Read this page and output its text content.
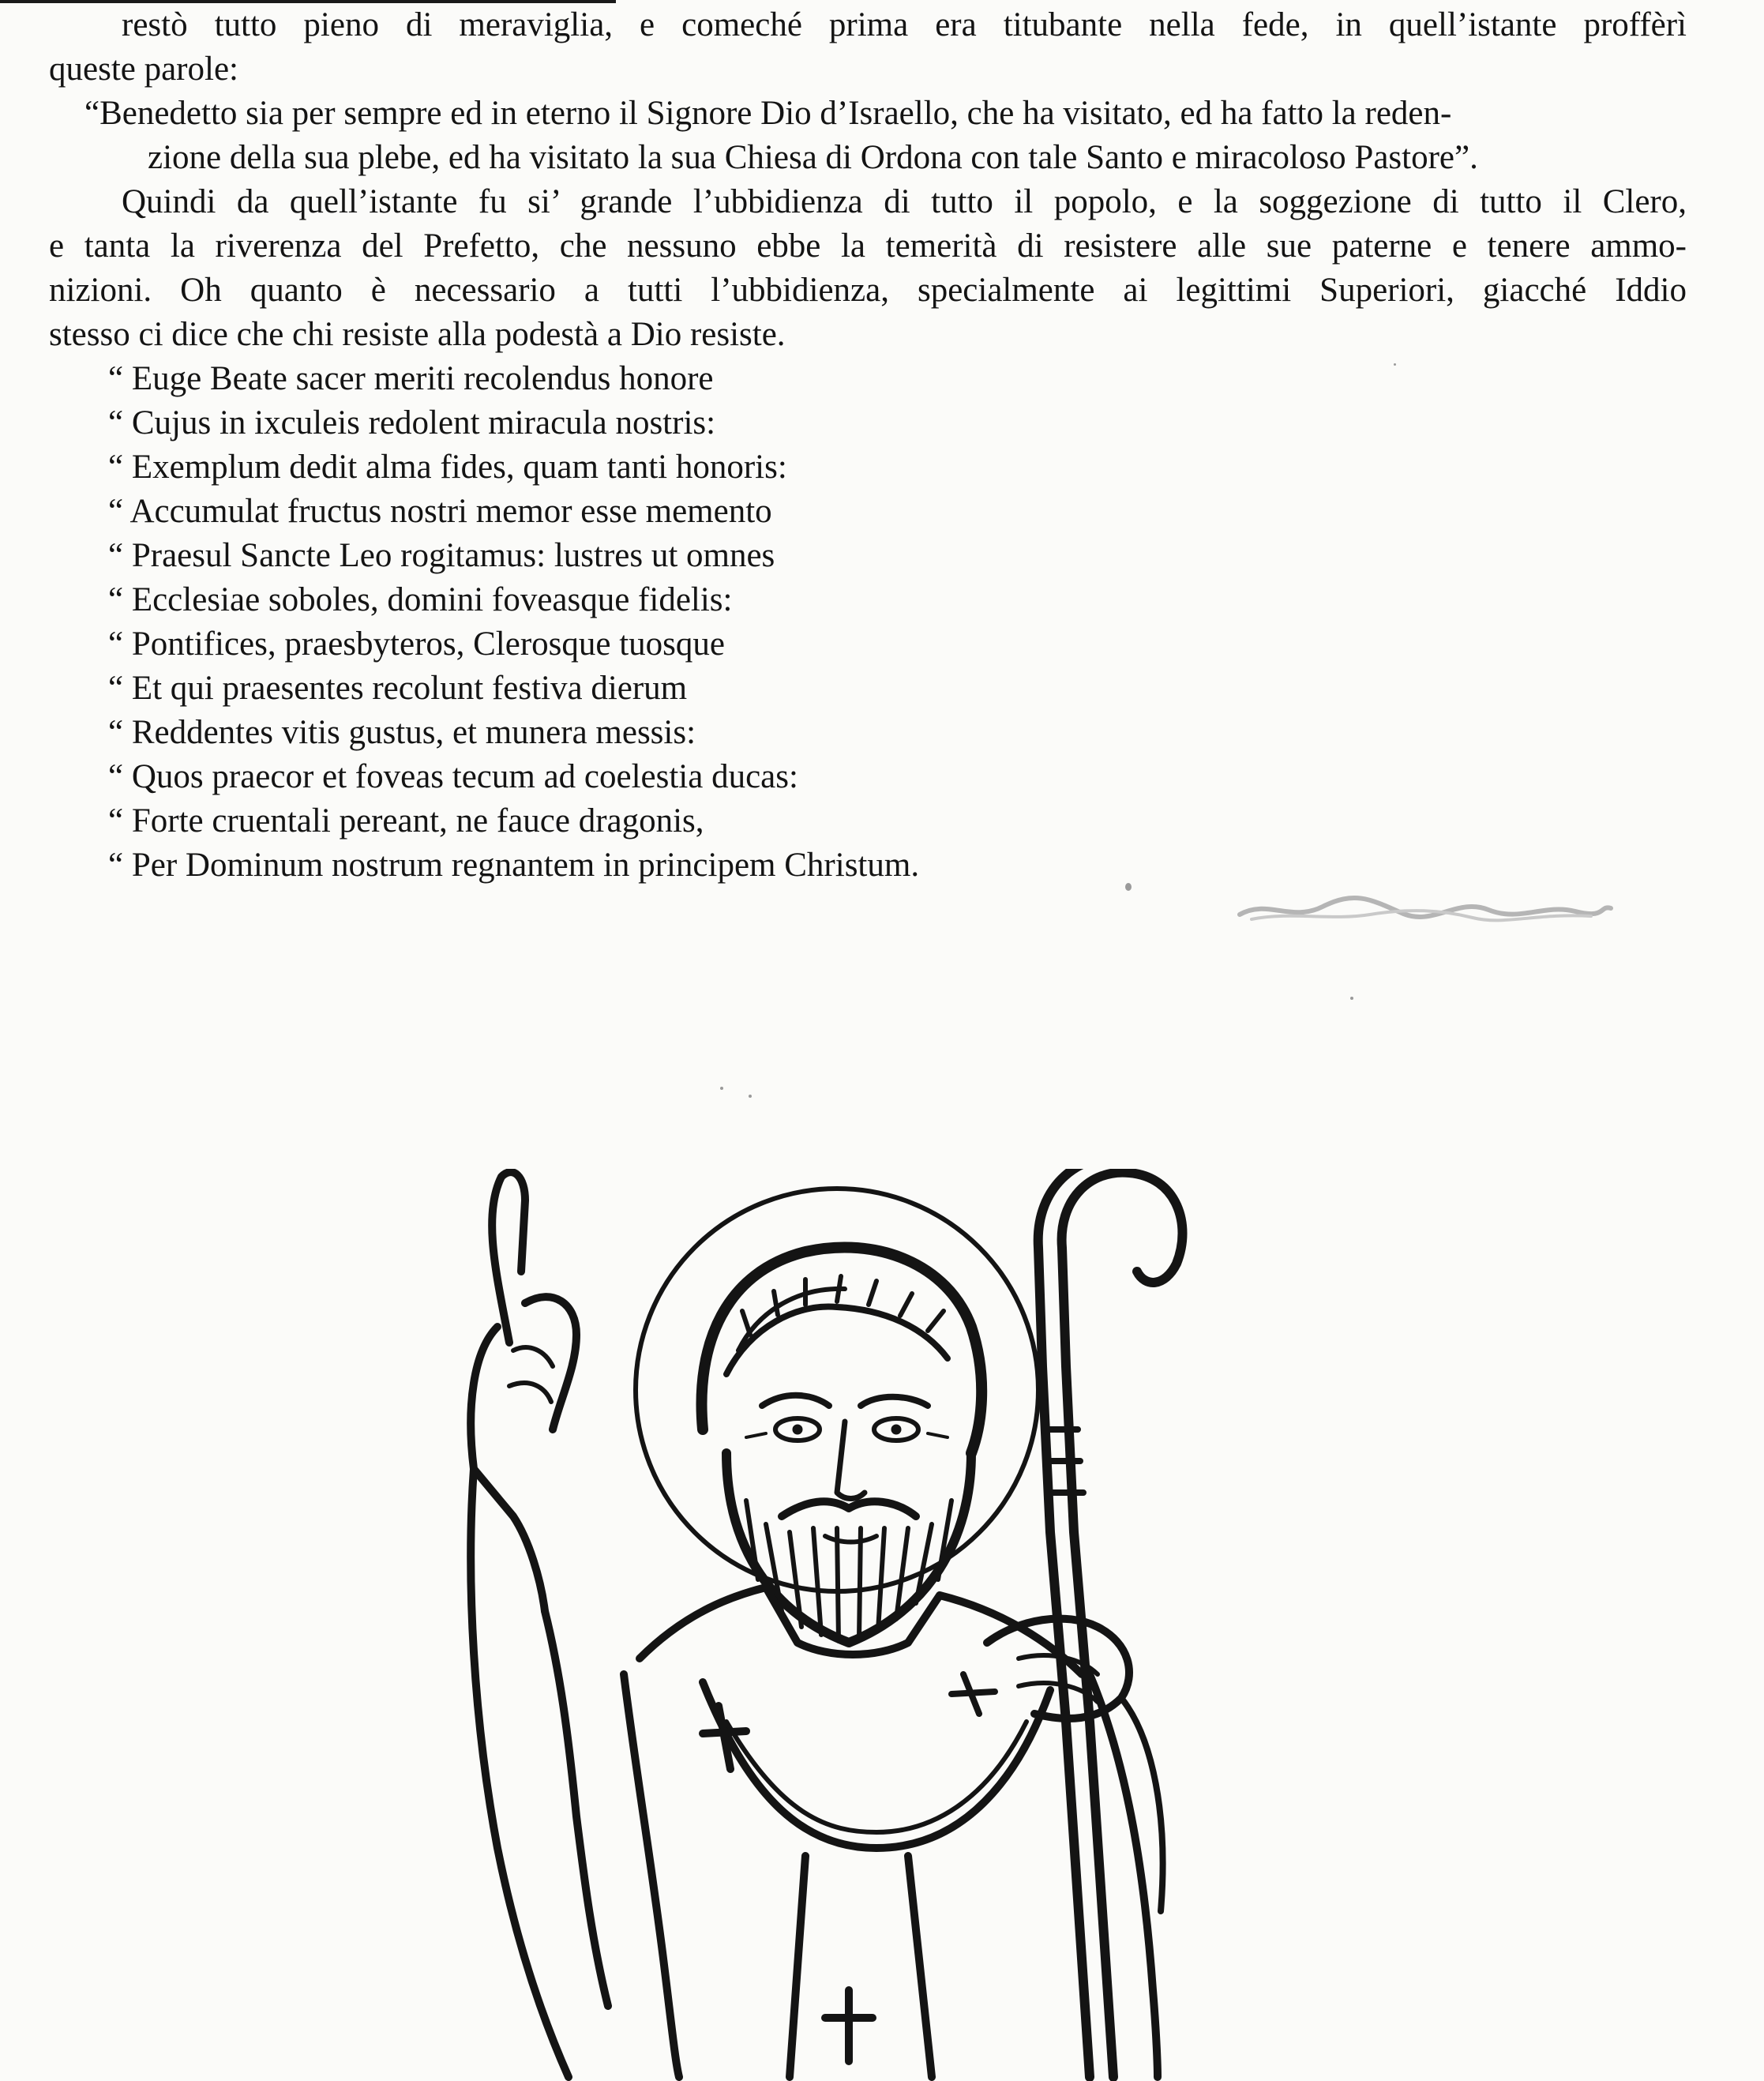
restò tutto pieno di meraviglia, e comeché prima era titubante nella fede, in quell’istante proffèrì
queste parole:
“Benedetto sia per sempre ed in eterno il Signore Dio d’Israello, che ha visitato, ed ha fatto la reden-
zione della sua plebe, ed ha visitato la sua Chiesa di Ordona con tale Santo e miracoloso Pastore”.
Quindi da quell’istante fu si’ grande l’ubbidienza di tutto il popolo, e la soggezione di tutto il Clero,
e tanta la riverenza del Prefetto, che nessuno ebbe la temerità di resistere alle sue paterne e tenere ammo-
nizioni. Oh quanto è necessario a tutti l’ubbidienza, specialmente ai legittimi Superiori, giacché Iddio
stesso ci dice che chi resiste alla podestà a Dio resiste.
“ Euge Beate sacer meriti recolendus honore
“ Cujus in ixculeis redolent miracula nostris:
“ Exemplum dedit alma fides, quam tanti honoris:
“ Accumulat fructus nostri memor esse memento
“ Praesul Sancte Leo rogitamus: lustres ut omnes
“ Ecclesiae soboles, domini foveasque fidelis:
“ Pontifices, praesbyteros, Clerosque tuosque
“ Et qui praesentes recolunt festiva dierum
“ Reddentes vitis gustus, et munera messis:
“ Quos praecor et foveas tecum ad coelestia ducas:
“ Forte cruentali pereant, ne fauce dragonis,
“ Per Dominum nostrum regnantem in principem Christum.
